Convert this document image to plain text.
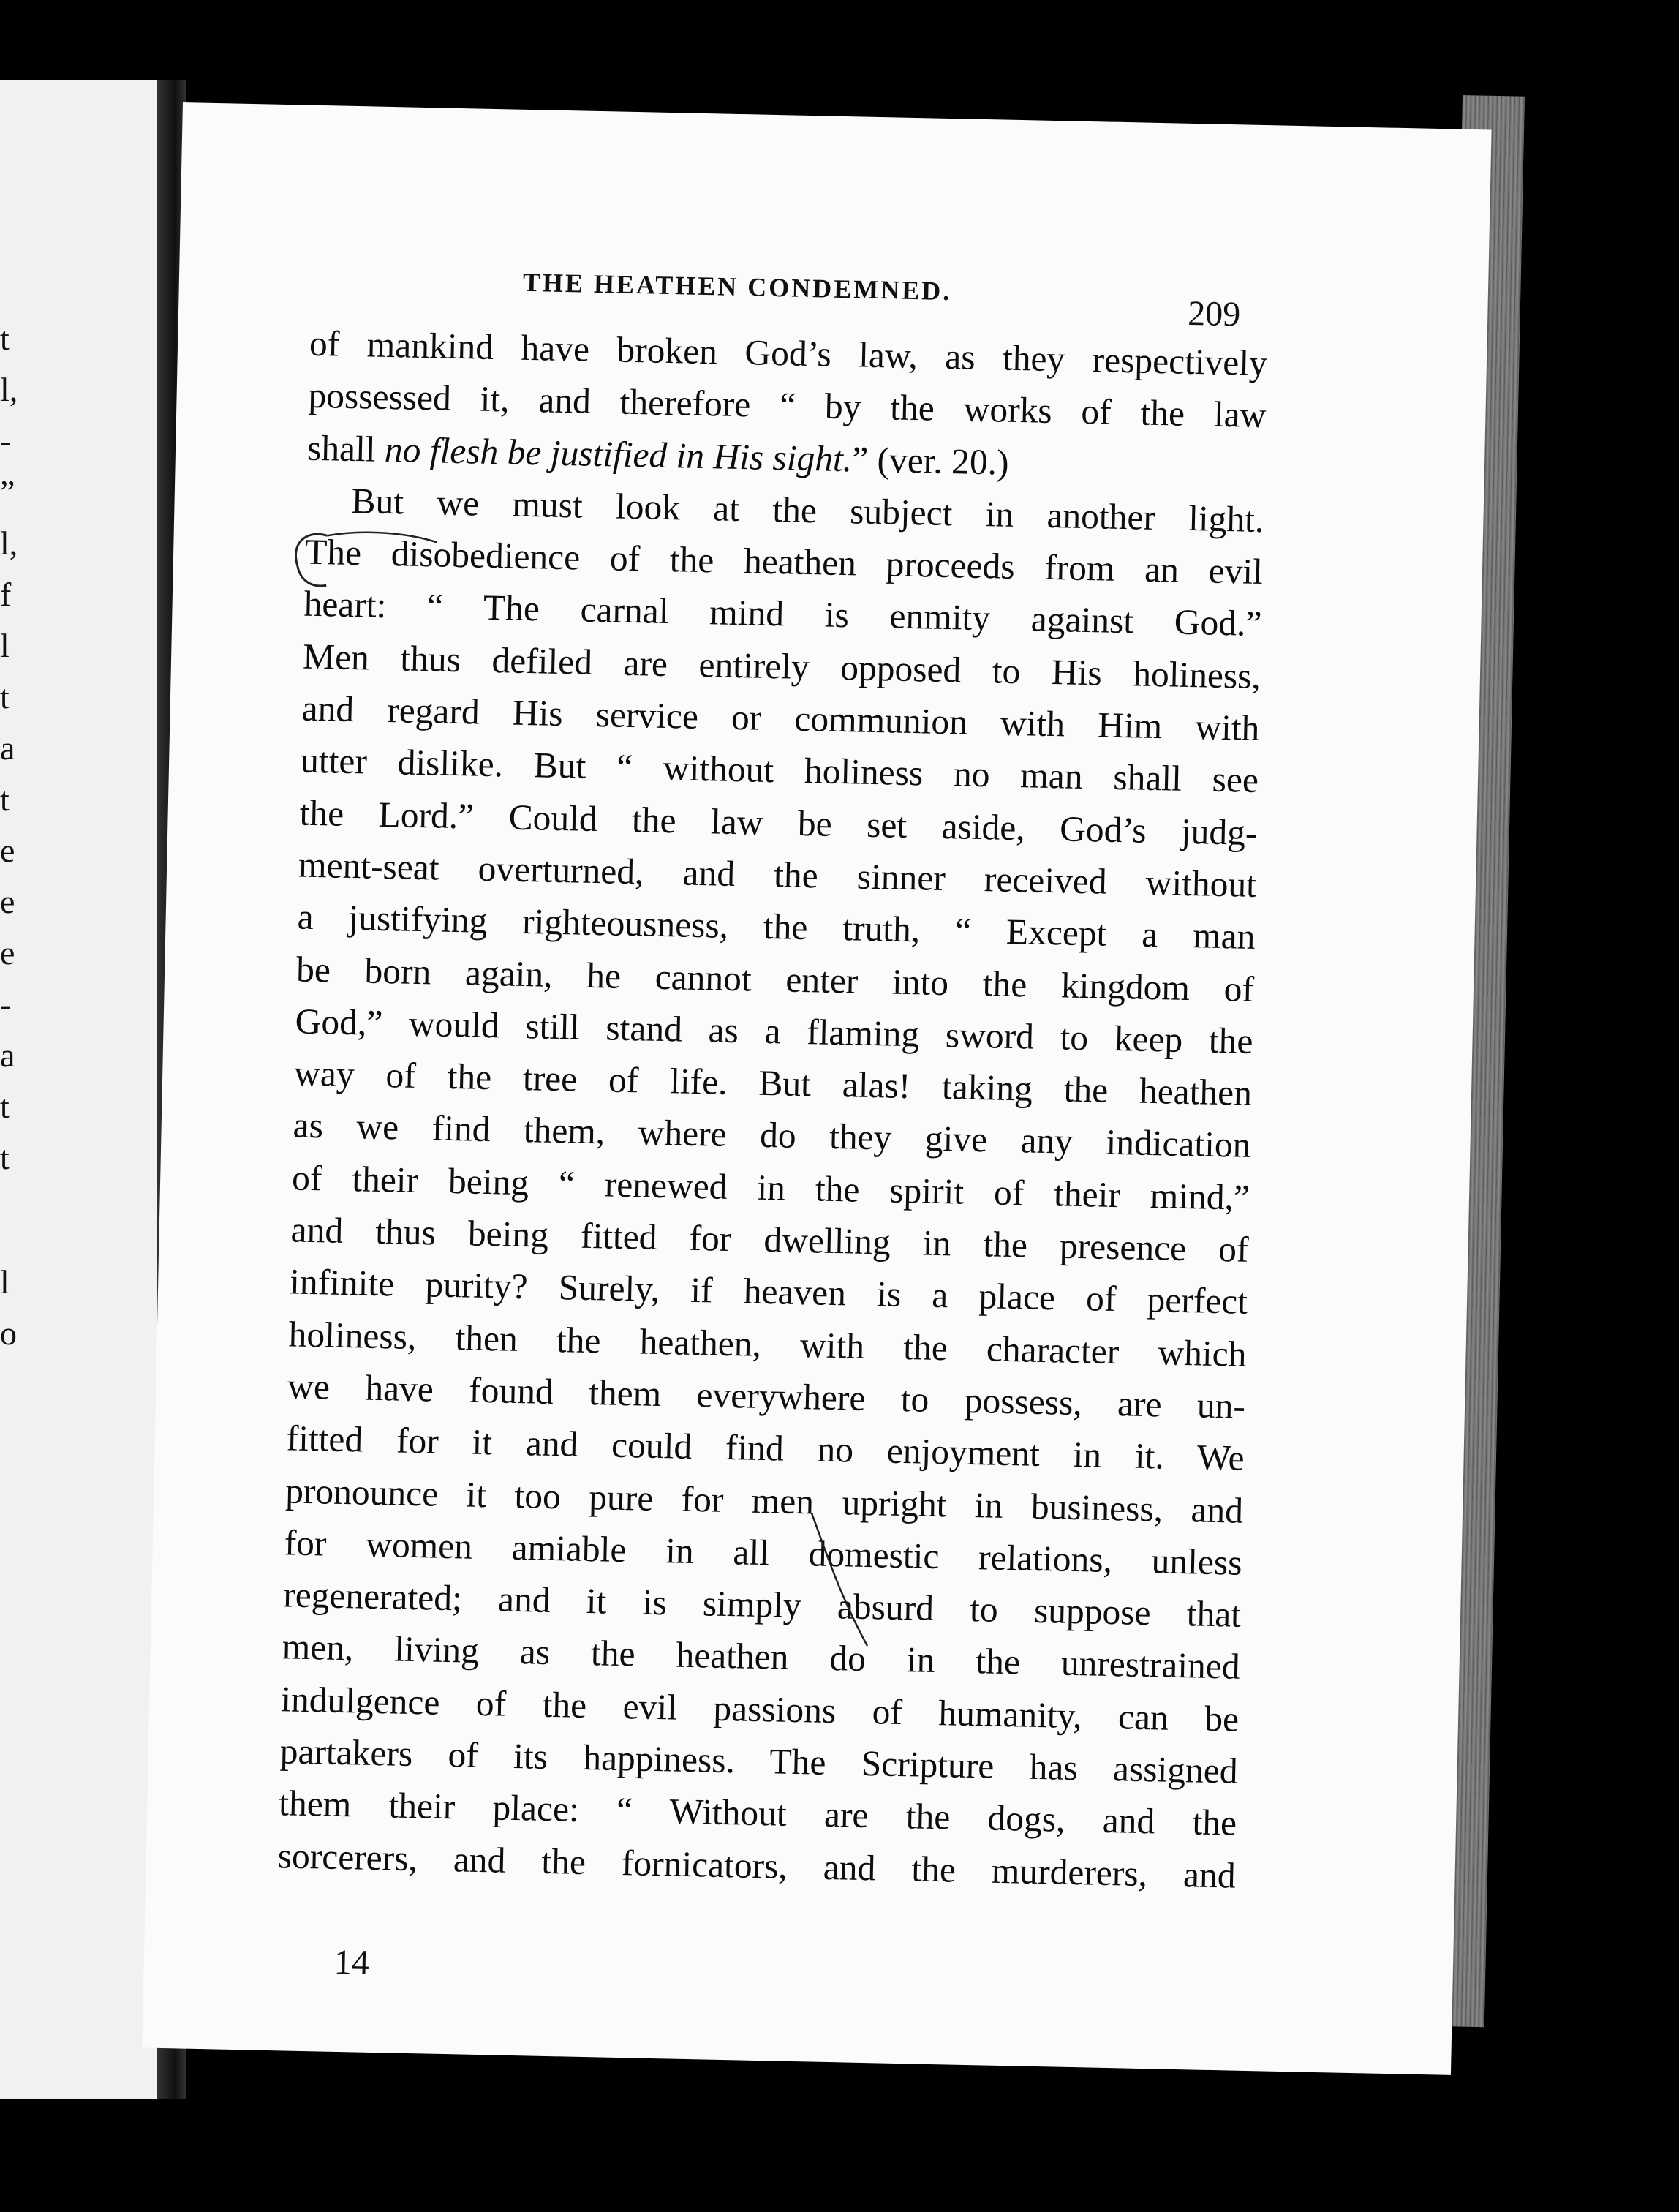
t
l,
-
”
l,
f
l
t
a
t
e
e
e
-
a
t
t
l
o
THE HEATHEN CONDEMNED.
209
of mankind have broken God’s law, as they respectively
possessed it, and therefore “ by the works of the law
shall no flesh be justified in His sight.” (ver. 20.)
But we must look at the subject in another light.
The disobedience of the heathen proceeds from an evil
heart: “ The carnal mind is enmity against God.”
Men thus defiled are entirely opposed to His holiness,
and regard His service or communion with Him with
utter dislike. But “ without holiness no man shall see
the Lord.” Could the law be set aside, God’s judg-
ment-seat overturned, and the sinner received without
a justifying righteousness, the truth, “ Except a man
be born again, he cannot enter into the kingdom of
God,” would still stand as a flaming sword to keep the
way of the tree of life. But alas! taking the heathen
as we find them, where do they give any indication
of their being “ renewed in the spirit of their mind,”
and thus being fitted for dwelling in the presence of
infinite purity? Surely, if heaven is a place of perfect
holiness, then the heathen, with the character which
we have found them everywhere to possess, are un-
fitted for it and could find no enjoyment in it. We
pronounce it too pure for men upright in business, and
for women amiable in all domestic relations, unless
regenerated; and it is simply absurd to suppose that
men, living as the heathen do in the unrestrained
indulgence of the evil passions of humanity, can be
partakers of its happiness. The Scripture has assigned
them their place: “ Without are the dogs, and the
sorcerers, and the fornicators, and the murderers, and
14
